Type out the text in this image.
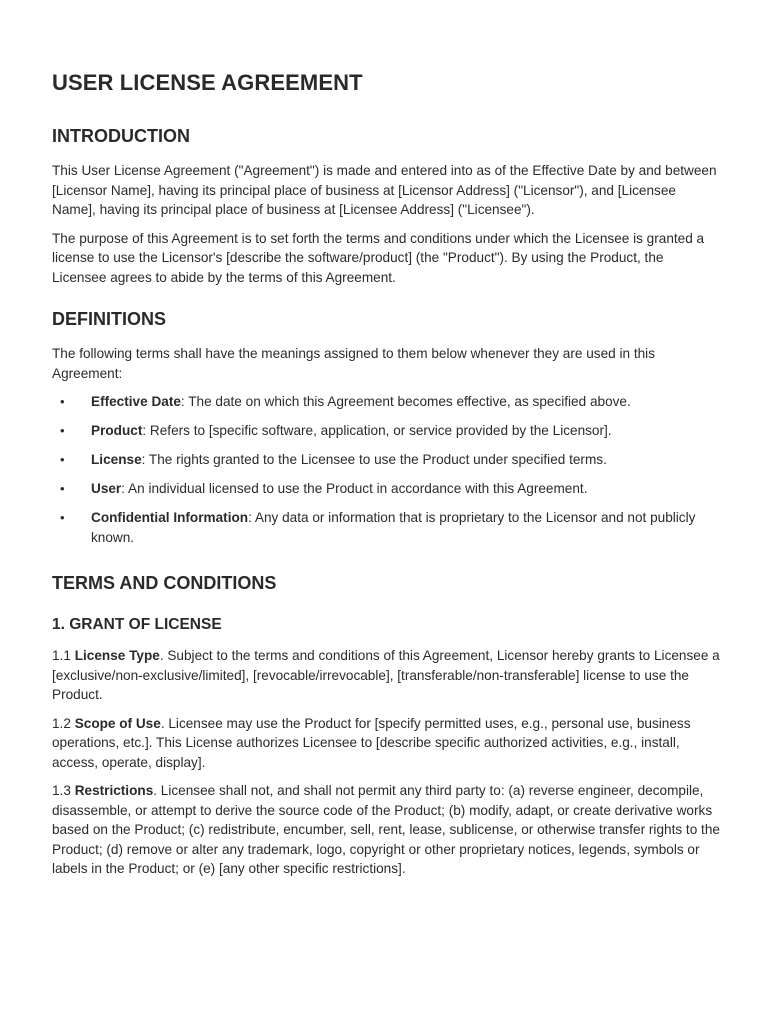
USER LICENSE AGREEMENT
INTRODUCTION

This User License Agreement ("Agreement") is made and entered into as of the Effective Date by and between [Licensor Name], having its principal place of business at [Licensor Address] ("Licensor"), and [Licensee Name], having its principal place of business at [Licensee Address] ("Licensee").

The purpose of this Agreement is to set forth the terms and conditions under which the Licensee is granted a license to use the Licensor's [describe the software/product] (the "Product"). By using the Product, the Licensee agrees to abide by the terms of this Agreement.

DEFINITIONS

The following terms shall have the meanings assigned to them below whenever they are used in this Agreement:

• Effective Date: The date on which this Agreement becomes effective, as specified above.
• Product: Refers to [specific software, application, or service provided by the Licensor].
• License: The rights granted to the Licensee to use the Product under specified terms.
• User: An individual licensed to use the Product in accordance with this Agreement.
• Confidential Information: Any data or information that is proprietary to the Licensor and not publicly known.
TERMS AND CONDITIONS
1. GRANT OF LICENSE

1.1 License Type. Subject to the terms and conditions of this Agreement, Licensor hereby grants to Licensee a [exclusive/non-exclusive/limited], [revocable/irrevocable], [transferable/non-transferable] license to use the Product.

1.2 Scope of Use. Licensee may use the Product for [specify permitted uses, e.g., personal use, business operations, etc.]. This License authorizes Licensee to [describe specific authorized activities, e.g., install, access, operate, display].

1.3 Restrictions. Licensee shall not, and shall not permit any third party to: (a) reverse engineer, decompile, disassemble, or attempt to derive the source code of the Product; (b) modify, adapt, or create derivative works based on the Product; (c) redistribute, encumber, sell, rent, lease, sublicense, or otherwise transfer rights to the Product; (d) remove or alter any trademark, logo, copyright or other proprietary notices, legends, symbols or labels in the Product; or (e) [any other specific restrictions].
